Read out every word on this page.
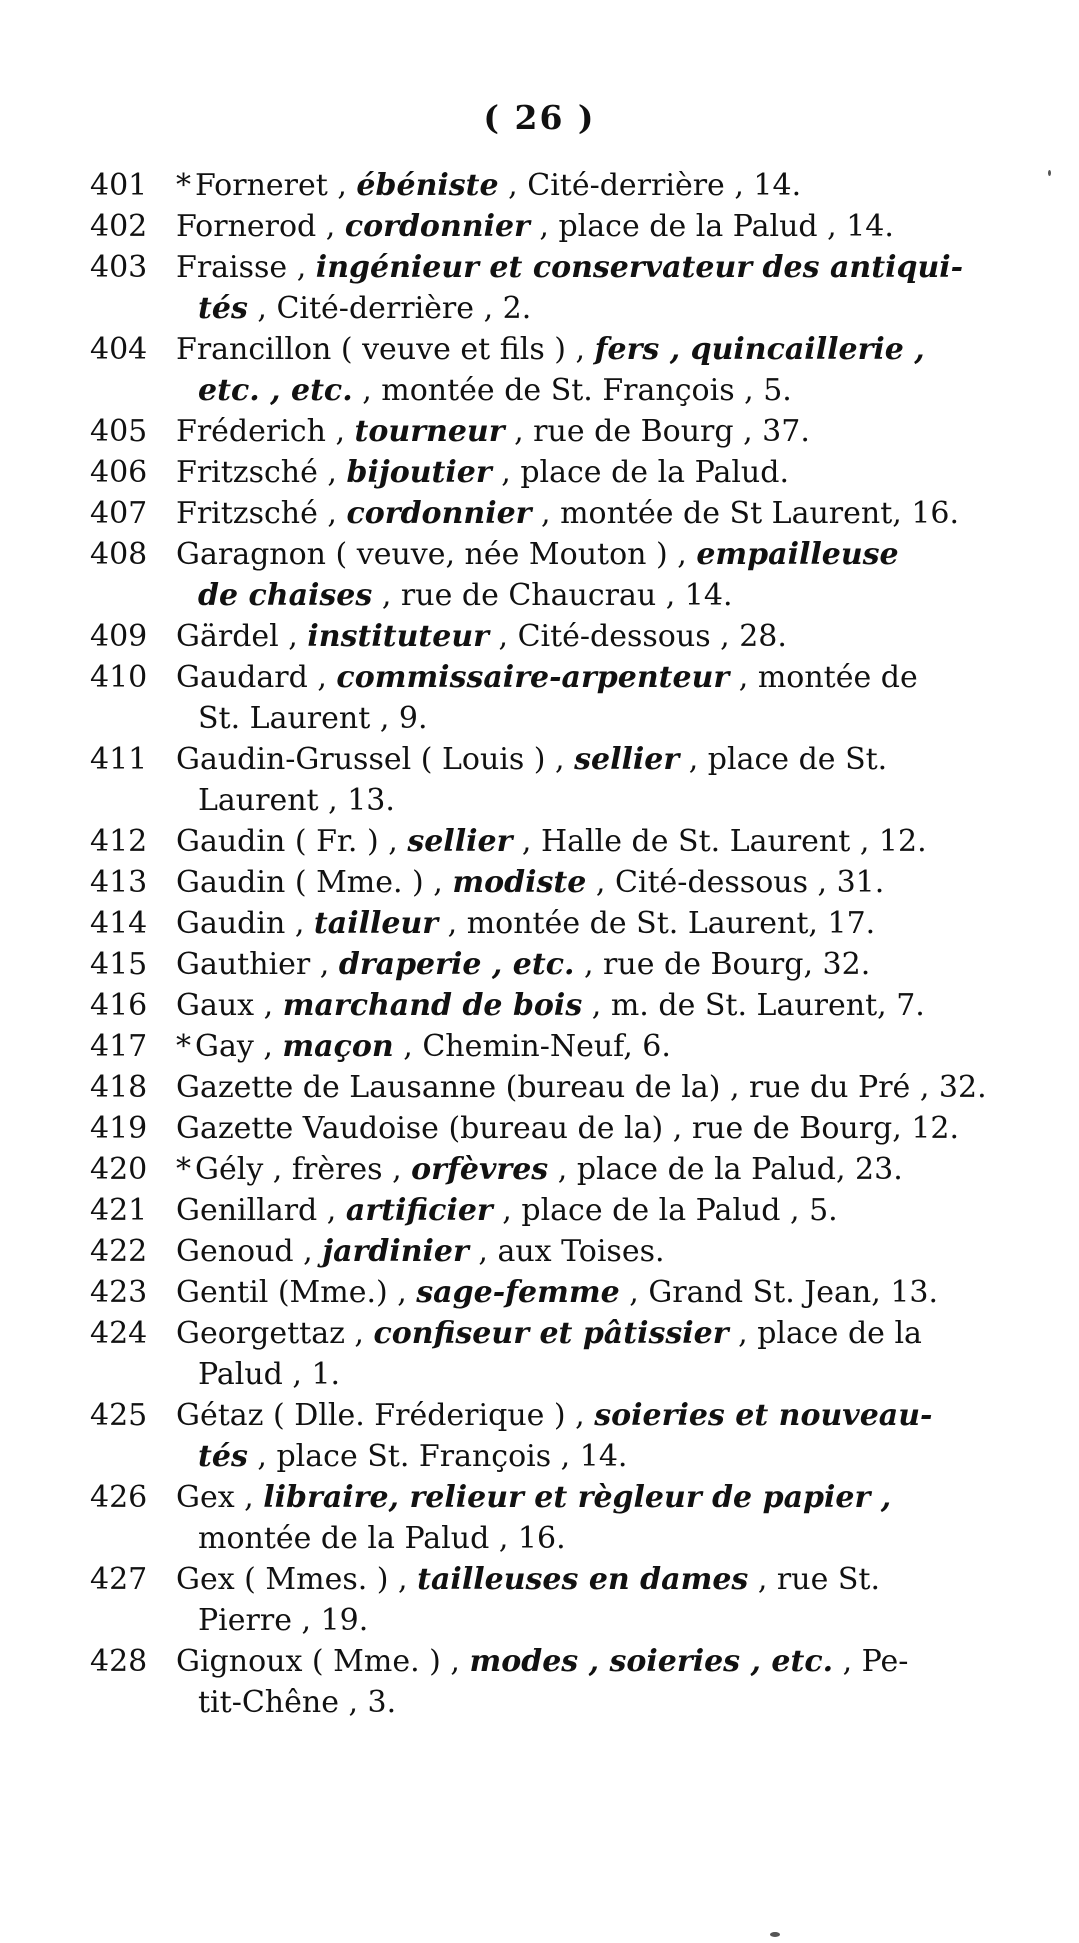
( 26 )
401 * Forneret , ébéniste , Cité-derrière , 14.
402 Fornerod , cordonnier , place de la Palud , 14.
403 Fraisse , ingénieur et conservateur des antiqui-
tés , Cité-derrière , 2.
404 Francillon ( veuve et fils ) , fers , quincaillerie ,
etc. , etc. , montée de St. François , 5.
405 Fréderich , tourneur , rue de Bourg , 37.
406 Fritzsché , bijoutier , place de la Palud.
407 Fritzsché , cordonnier , montée de St Laurent, 16.
408 Garagnon ( veuve, née Mouton ) , empailleuse
de chaises , rue de Chaucrau , 14.
409 Gärdel , instituteur , Cité-dessous , 28.
410 Gaudard , commissaire-arpenteur , montée de
St. Laurent , 9.
411 Gaudin-Grussel ( Louis ) , sellier , place de St.
Laurent , 13.
412 Gaudin ( Fr. ) , sellier , Halle de St. Laurent , 12.
413 Gaudin ( Mme. ) , modiste , Cité-dessous , 31.
414 Gaudin , tailleur , montée de St. Laurent, 17.
415 Gauthier , draperie , etc. , rue de Bourg, 32.
416 Gaux , marchand de bois , m. de St. Laurent, 7.
417 * Gay , maçon , Chemin-Neuf, 6.
418 Gazette de Lausanne (bureau de la) , rue du Pré , 32.
419 Gazette Vaudoise (bureau de la) , rue de Bourg, 12.
420 * Gély , frères , orfèvres , place de la Palud, 23.
421 Genillard , artificier , place de la Palud , 5.
422 Genoud , jardinier , aux Toises.
423 Gentil (Mme.) , sage-femme , Grand St. Jean, 13.
424 Georgettaz , confiseur et pâtissier , place de la
Palud , 1.
425 Gétaz ( Dlle. Fréderique ) , soieries et nouveau-
tés , place St. François , 14.
426 Gex , libraire, relieur et règleur de papier ,
montée de la Palud , 16.
427 Gex ( Mmes. ) , tailleuses en dames , rue St.
Pierre , 19.
428 Gignoux ( Mme. ) , modes , soieries , etc. , Pe-
tit-Chêne , 3.
